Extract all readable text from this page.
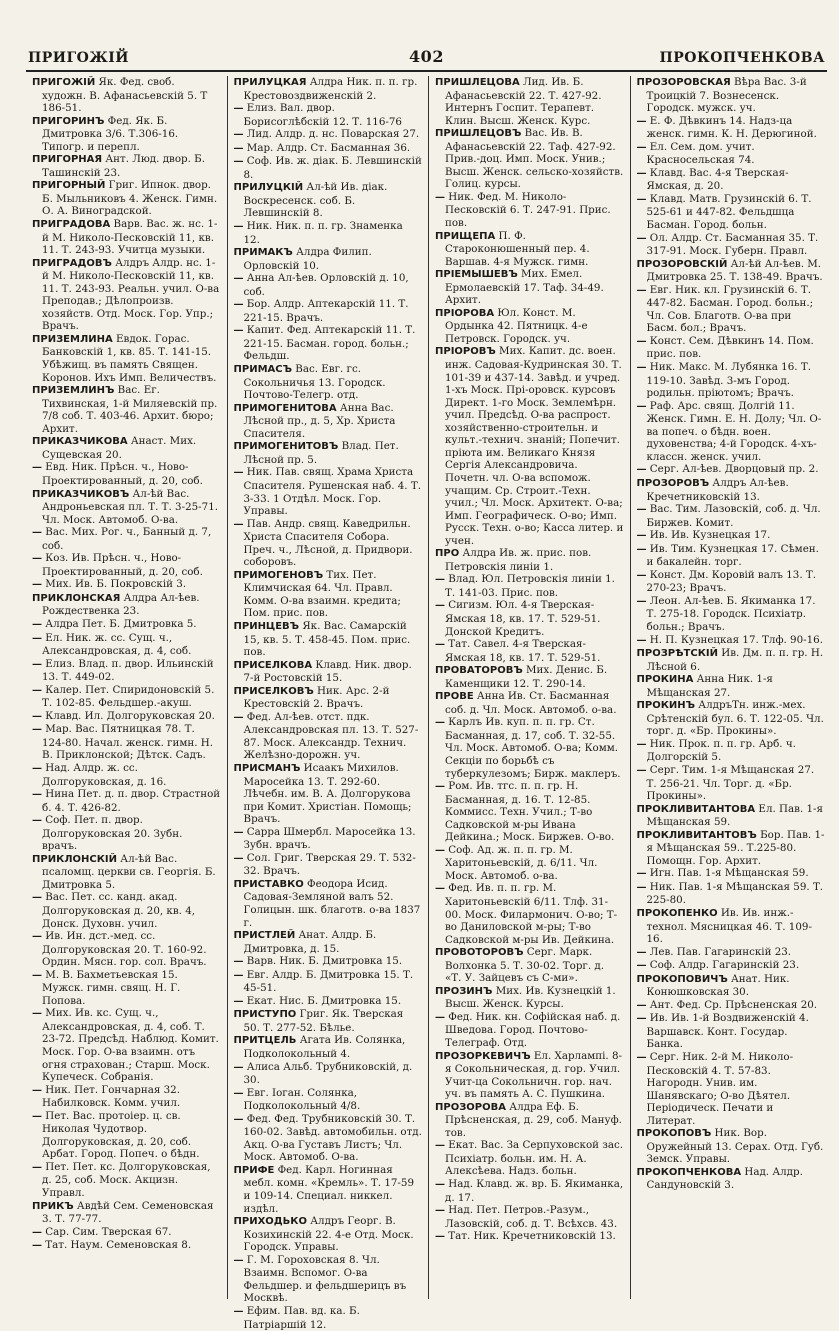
ПРИГОЖІЙ	402	ПРОКОПЧЕНКОВА
ПРИГОЖІЙ Як. Фед. своб. художн. В. Афанасьевскій 5. Т 186-51.
ПРИГОРИНЪ Фед. Як. Б. Дмитровка 3/6. Т.306-16. Типогр. и перепл.
ПРИГОРНАЯ Ант. Люд. двор. Б. Ташинскій 23.
ПРИГОРНЫЙ Григ. Ипнок. двор. Б. Мыльниковъ 4. Женск. Гимн. О. А. Виноградской.
ПРИГРАДОВА Варв. Вас. ж. нс. 1-й М. Николо-Песковскій 11, кв. 11. Т. 243-93. Учитца музыки.
ПРИГРАДОВЪ Алдръ Алдр. нс. 1-й М. Николо-Песковскій 11, кв. 11. Т. 243-93. Реальн. учил. О-ва Преподав.; Дѣлопроизв. хозяйств. Отд. Моск. Гор. Упр.; Врачъ.
ПРИЗЕМЛИНА Евдок. Горас. Банковскій 1, кв. 85. Т. 141-15. Убѣжищ. въ память Священ. Коронов. Ихъ Имп. Величествъ.
ПРИЗЕМЛИНЪ Вас. Ег. Тихвинская, 1-й Миляевскій пр. 7/8 соб. Т. 403-46. Архит. бюро; Архит.
ПРИКАЗЧИКОВА Анаст. Мих. Сущевская 20.
— Евд. Ник. Прѣсн. ч., Ново-Проектированный, д. 20, соб.
ПРИКАЗЧИКОВЪ Ал-ѣй Вас. Андроньевская пл. Т. Т. 3-25-71. Чл. Моск. Автомоб. О-ва.
— Вас. Мих. Рог. ч., Банный д. 7, соб.
— Коз. Ив. Прѣсн. ч., Ново-Проектированный, д. 20, соб.
— Мих. Ив. Б. Покровскій 3.
ПРИКЛОНСКАЯ Алдра Ал-ѣев. Рождественка 23.
— Алдра Пет. Б. Дмитровка 5.
— Ел. Ник. ж. сс. Сущ. ч., Александровская, д. 4, соб.
— Елиз. Влад. п. двор. Ильинскій 13. Т. 449-02.
— Калер. Пет. Спиридоновскій 5. Т. 102-85. Фельдшер.-акуш.
— Клавд. Ил. Долгоруковская 20.
— Мар. Вас. Пятницкая 78. Т. 124-80. Начал. женск. гимн. Н. В. Приклонской; Дѣтск. Садъ.
— Над. Алдр. ж. сс. Долгоруковская, д. 16.
— Нина Пет. д. п. двор. Страстной б. 4. Т. 426-82.
— Соф. Пет. п. двор. Долгоруковская 20. Зубн. врачъ.
ПРИКЛОНСКІЙ Ал-ѣй Вас. псаломщ. церкви св. Георгія. Б. Дмитровка 5.
— Вас. Пет. сс. канд. акад. Долгоруковская д. 20, кв. 4, Донск. Духовн. учил.
— Ив. Ин. дст.-мед. сс. Долгоруковская 20. Т. 160-92. Ордин. Мясн. гор. сол. Врачъ.
— М. В. Бахметьевская 15. Мужск. гимн. свящ. Н. Г. Попова.
— Мих. Ив. кс. Сущ. ч., Александровская, д. 4, соб. Т. 23-72. Предсѣд. Наблюд. Комит. Моск. Гор. О-ва взаимн. отъ огня страхован.; Старш. Моск. Купеческ. Собранія.
— Ник. Пет. Гончарная 32. Набилковск. Комм. учил.
— Пет. Вас. протоіер. ц. св. Николая Чудотвор. Долгоруковская, д. 20, соб. Арбат. Город. Попеч. о бѣдн.
— Пет. Пет. кс. Долгоруковская, д. 25, соб. Моск. Акцизн. Управл.
ПРИКЪ Авдѣй Сем. Семеновская 3. Т. 77-77.
— Сар. Сим. Тверская 67.
— Тат. Наум. Семеновская 8.
ПРИЛУЦКАЯ Алдра Ник. п. п. гр. Крестовоздвиженскій 2.
— Елиз. Вал. двор. Борисоглѣбскій 12. Т. 116-76
— Лид. Алдр. д. нс. Поварская 27.
— Мар. Алдр. Ст. Басманная 36.
— Соф. Ив. ж. діак. Б. Левшинскій 8.
ПРИЛУЦКІЙ Ал-ѣй Ив. діак. Воскресенск. соб. Б. Левшинскій 8.
— Ник. Ник. п. п. гр. Знаменка 12.
ПРИМАКЪ Алдра Филип. Орловскій 10.
— Анна Ал-ѣев. Орловскій д. 10, соб.
— Бор. Алдр. Аптекарскій 11. Т. 221-15. Врачъ.
— Капит. Фед. Аптекарскій 11. Т. 221-15. Басман. город. больн.; Фельдш.
ПРИМАСЪ Вас. Евг. гс. Сокольничья 13. Городск. Почтово-Телегр. отд.
ПРИМОГЕНИТОВА Анна Вас. Лѣсной пр., д. 5, Хр. Христа Спасителя.
ПРИМОГЕНИТОВЪ Влад. Пет. Лѣсной пр. 5.
— Ник. Пав. свящ. Храма Христа Спасителя. Рушенская наб. 4. Т. 3-33. 1 Отдѣл. Моск. Гор. Управы.
— Пав. Андр. свящ. Каведрильн. Христа Спасителя Собора. Преч. ч., Лѣсной, д. Придвори. соборовъ.
ПРИМОГЕНОВЪ Тих. Пет. Климчиская 64. Чл. Правл. Комм. О-ва взаимн. кредита; Пом. прис. пов.
ПРИНЦЕВЪ Як. Вас. Самарскій 15, кв. 5. Т. 458-45. Пом. прис. пов.
ПРИСЕЛКОВА Клавд. Ник. двор. 7-й Ростовскій 15.
ПРИСЕЛКОВЪ Ник. Арс. 2-й Крестовскій 2. Врачъ.
— Фед. Ал-ѣев. отст. пдк. Александровская пл. 13. Т. 527-87. Моск. Александр. Технич. Желѣзно-дорожн. уч.
ПРИСМАНЪ Исаакъ Михилов. Маросейка 13. Т. 292-60. Лѣчебн. им. В. А. Долгорукова при Комит. Христіан. Помощь; Врачъ.
— Сарра Шмербл. Маросейка 13. Зубн. врачъ.
— Сол. Григ. Тверская 29. Т. 532-32. Врачъ.
ПРИСТАВКО Феодора Исид. Садовая-Земляной валъ 52. Голицын. шк. благотв. о-ва 1837 г.
ПРИСТЛЕЙ Анат. Алдр. Б. Дмитровка, д. 15.
— Варв. Ник. Б. Дмитровка 15.
— Евг. Алдр. Б. Дмитровка 15. Т. 45-51.
— Екат. Нис. Б. Дмитровка 15.
ПРИСТУПО Григ. Як. Тверская 50. Т. 277-52. Бѣлье.
ПРИТЦЕЛЬ Агата Ив. Солянка, Подколокольный 4.
— Алиса Альб. Трубниковскій, д. 30.
— Евг. Іоган. Солянка, Подколокольный 4/8.
— Фед. Фед. Трубниковскій 30. Т. 160-02. Завѣд. автомобильн. отд. Акц. О-ва Густавъ Листъ; Чл. Моск. Автомоб. О-ва.
ПРИФЕ Фед. Карл. Ногинная мебл. комн. «Кремль». Т. 17-59 и 109-14. Специал. никкел. издѣл.
ПРИХОДЬКО Алдръ Георг. В. Козихинскій 22. 4-е Отд. Моск. Городск. Управы.
— Г. М. Гороховская 8. Чл. Взаимн. Вспомог. О-ва Фельдшер. и фельдшерицъ въ Москвѣ.
— Ефим. Пав. вд. ка. Б. Патріаршій 12.
ПРИШЛЕЦОВА Лид. Ив. Б. Афанасьевскій 22. Т. 427-92. Интернъ Госпит. Терапевт. Клин. Высш. Женск. Курс.
ПРИШЛЕЦОВЪ Вас. Ив. В. Афанасьевскій 22. Таф. 427-92. Прив.-доц. Имп. Моск. Унив.; Высш. Женск. сельско-хозяйств. Голиц. курсы.
— Ник. Фед. М. Николо-Песковскій 6. Т. 247-91. Прис. пов.
ПРИЩЕПА П. Ф. Староконюшенный пер. 4. Варшав. 4-я Мужск. гимн.
ПРІЕМЫШЕВЪ Мих. Емел. Ермолаевскій 17. Таф. 34-49. Архит.
ПРІОРОВА Юл. Конст. М. Ордынка 42. Пятницк. 4-е Петровск. Городск. уч.
ПРІОРОВЪ Мих. Капит. дс. воен. инж. Садовая-Кудринская 30. Т. 101-39 и 437-14. Завѣд. и учред. 1-хъ Моск. Прі-оровск. курсовъ Директ. 1-го Моск. Землемѣрн. учил. Предсѣд. О-ва распрост. хозяйственно-строительн. и культ.-технич. знаній; Попечит. пріюта им. Великаго Князя Сергія Александровича. Почетн. чл. О-ва вспомож. учащим. Ср. Строит.-Техн. учил.; Чл. Моск. Архитект. О-ва; Имп. Географическ. О-во; Имп. Русск. Техн. о-во; Касса литер. и учен.
ПРО Алдра Ив. ж. прис. пов. Петровскія линіи 1.
— Влад. Юл. Петровскія линіи 1. Т. 141-03. Прис. пов.
— Сигизм. Юл. 4-я Тверская-Ямская 18, кв. 17. Т. 529-51. Донской Кредитъ.
— Тат. Савел. 4-я Тверская-Ямская 18, кв. 17. Т. 529-51.
ПРОВАТОРОВЪ Мих. Денис. Б. Каменщики 12. Т. 290-14.
ПРОВЕ Анна Ив. Ст. Басманная соб. д. Чл. Моск. Автомоб. о-ва.
— Карлъ Ив. куп. п. п. гр. Ст. Басманная, д. 17, соб. Т. 32-55. Чл. Моск. Автомоб. О-ва; Комм. Секціи по борьбѣ съ туберкулезомъ; Бирж. маклеръ.
— Ром. Ив. тгс. п. п. гр. Н. Басманная, д. 16. Т. 12-85. Коммисс. Техн. Учил.; Т-во Садковской м-ры Ивана Дейкина.; Моск. Биржев. О-во.
— Соф. Ад. ж. п. п. гр. М. Харитоньевскій, д. 6/11. Чл. Моск. Автомоб. о-ва.
— Фед. Ив. п. п. гр. М. Харитоньевскій 6/11. Тлф. 31-00. Моск. Филармонич. О-во; Т-во Даниловской м-ры; Т-во Садковской м-ры Ив. Дейкина.
ПРОВОТОРОВЪ Серг. Марк. Волхонка 5. Т. 30-02. Торг. д. «Т. У. Зайцевъ съ С-ми».
ПРОЗИНЪ Мих. Ив. Кузнецкій 1. Высш. Женск. Курсы.
— Фед. Ник. кн. Софійская наб. д. Шведова. Город. Почтово-Телеграф. Отд.
ПРОЗОРКЕВИЧЪ Ел. Харлампі. 8-я Сокольническая, д. гор. Учил. Учит-ца Сокольничн. гор. нач. уч. въ память А. С. Пушкина.
ПРОЗОРОВА Алдра Еф. Б. Прѣсненская, д. 29, соб. Мануф. тов.
— Екат. Вас. За Серпуховской зас. Психіатр. больн. им. Н. А. Алексѣева. Надз. больн.
— Над. Клавд. ж. вр. Б. Якиманка, д. 17.
— Над. Пет. Петров.-Разум., Лазовскій, соб. д. Т. Всѣхсв. 43.
— Тат. Ник. Кречетниковскій 13.
ПРОЗОРОВСКАЯ Вѣра Вас. 3-й Троицкій 7. Вознесенск. Городск. мужск. уч.
— Е. Ф. Дѣвкинъ 14. Надз-ца женск. гимн. К. Н. Дерюгиной.
— Ел. Сем. дом. учит. Красносельская 74.
— Клавд. Вас. 4-я Тверская-Ямская, д. 20.
— Клавд. Матв. Грузинскій 6. Т. 525-61 и 447-82. Фельдшца Басман. Город. больн.
— Ол. Алдр. Ст. Басманная 35. Т. 317-91. Моск. Губерн. Правл.
ПРОЗОРОВСКІЙ Ал-ѣй Ал-ѣев. М. Дмитровка 25. Т. 138-49. Врачъ.
— Евг. Ник. кл. Грузинскій 6. Т. 447-82. Басман. Город. больн.; Чл. Сов. Благотв. О-ва при Басм. бол.; Врачъ.
— Конст. Сем. Дѣвкинъ 14. Пом. прис. пов.
— Ник. Макс. М. Лубянка 16. Т. 119-10. Завѣд. 3-мъ Город. родильн. пріютомъ; Врачъ.
— Раф. Арс. свящ. Долгій 11. Женск. Гимн. Е. Н. Долу; Чл. О-ва попеч. о бѣдн. воен. духовенства; 4-й Городск. 4-хъ-классн. женск. учил.
— Серг. Ал-ѣев. Дворцовый пр. 2.
ПРОЗОРОВЪ Алдръ Ал-ѣев. Кречетниковскій 13.
— Вас. Тим. Лазовскій, соб. д. Чл. Биржев. Комит.
— Ив. Ив. Кузнецкая 17.
— Ив. Тим. Кузнецкая 17. Сѣмен. и бакалейн. торг.
— Конст. Дм. Коровій валъ 13. Т. 270-23; Врачъ.
— Леон. Ал-ѣев. Б. Якиманка 17. Т. 275-18. Городск. Психіатр. больн.; Врачъ.
— Н. П. Кузнецкая 17. Тлф. 90-16.
ПРОЗРѢТСКІЙ Ив. Дм. п. п. гр. Н. Лѣсной 6.
ПРОКИНА Анна Ник. 1-я Мѣщанская 27.
ПРОКИНЪ АлдръТн. инж.-мех. Срѣтенскій бул. 6. Т. 122-05. Чл. торг. д. «Бр. Прокины».
— Ник. Прок. п. п. гр. Арб. ч. Долгорскій 5.
— Серг. Тим. 1-я Мѣщанская 27. Т. 256-21. Чл. Торг. д. «Бр. Прокины».
ПРОКЛИВИТАНТОВА Ел. Пав. 1-я Мѣщанская 59.
ПРОКЛИВИТАНТОВЪ Бор. Пав. 1-я Мѣщанская 59.. Т.225-80. Помощн. Гор. Архит.
— Игн. Пав. 1-я Мѣщанская 59.
— Ник. Пав. 1-я Мѣщанская 59. Т. 225-80.
ПРОКОПЕНКО Ив. Ив. инж.-технол. Мясницкая 46. Т. 109-16.
— Лев. Пав. Гагаринскій 23.
— Соф. Алдр. Гагаринскій 23.
ПРОКОПОВИЧЪ Анат. Ник. Конюшковская 30.
— Ант. Фед. Ср. Прѣсненская 20.
— Ив. Ив. 1-й Воздвиженскій 4. Варшавск. Конт. Государ. Банка.
— Серг. Ник. 2-й М. Николо-Песковскій 4. Т. 57-83. Нагородн. Унив. им. Шанявскаго; О-во Дѣятел. Періодическ. Печати и Литерат.
ПРОКОПОВЪ Ник. Вор. Оружейный 13. Серах. Отд. Губ. Земск. Управы.
ПРОКОПЧЕНКОВА Над. Алдр. Сандуновскій 3.
